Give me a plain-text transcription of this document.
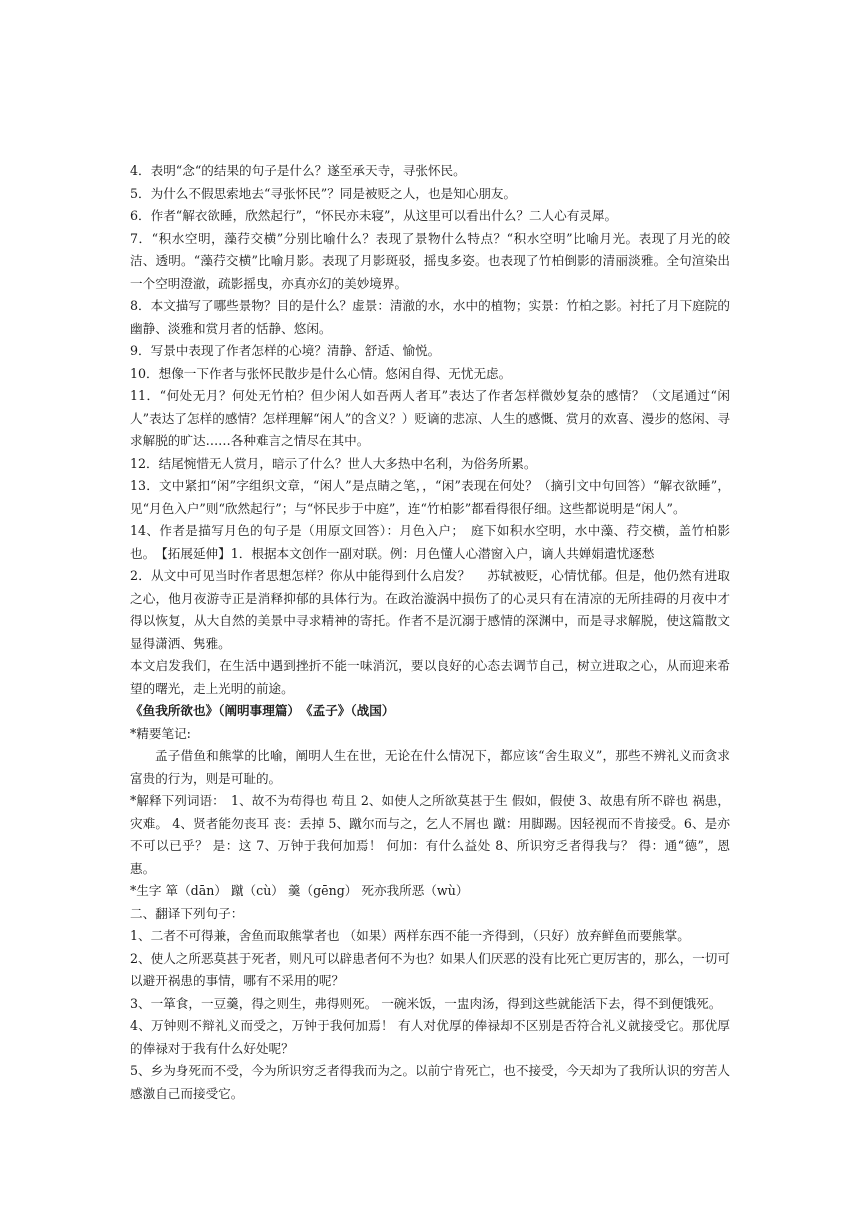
4．表明“念“的结果的句子是什么？遂至承天寺，寻张怀民。

5．为什么不假思索地去“寻张怀民”？同是被贬之人，也是知心朋友。

6．作者“解衣欲睡，欣然起行”，“怀民亦未寝”，从这里可以看出什么？二人心有灵犀。

7．“积水空明，藻荇交横”分别比喻什么？表现了景物什么特点？“积水空明”比喻月光。表现了月光的皎洁、透明。“藻荇交横”比喻月影。表现了月影斑驳，摇曳多姿。也表现了竹柏倒影的清丽淡雅。全句渲染出一个空明澄澈，疏影摇曳，亦真亦幻的美妙境界。

8．本文描写了哪些景物？目的是什么？虚景：清澈的水，水中的植物；实景：竹柏之影。衬托了月下庭院的幽静、淡雅和赏月者的恬静、悠闲。

9．写景中表现了作者怎样的心境？清静、舒适、愉悦。

10．想像一下作者与张怀民散步是什么心情。悠闲自得、无忧无虑。

11．“何处无月？何处无竹柏？但少闲人如吾两人者耳”表达了作者怎样微妙复杂的感情？（文尾通过“闲人”表达了怎样的感情？怎样理解“闲人”的含义？）贬谪的悲凉、人生的感慨、赏月的欢喜、漫步的悠闲、寻求解脱的旷达……各种难言之情尽在其中。

12．结尾惋惜无人赏月，暗示了什么？世人大多热中名利，为俗务所累。

13．文中紧扣“闲”字组织文章，“闲人”是点睛之笔，，“闲”表现在何处？（摘引文中句回答）“解衣欲睡”，见“月色入户”则“欣然起行”；与“怀民步于中庭”，连“竹柏影”都看得很仔细。这些都说明是“闲人”。

14、作者是描写月色的句子是（用原文回答）：月色入户；　庭下如积水空明，水中藻、荇交横，盖竹柏影也。　【拓展延伸】1．根据本文创作一副对联。例：月色懂人心潜窗入户，谪人共婵娟遣忧逐愁

2．从文中可见当时作者思想怎样？你从中能得到什么启发？　 苏轼被贬，心情忧郁。但是，他仍然有进取之心，他月夜游寺正是消释抑郁的具体行为。在政治漩涡中损伤了的心灵只有在清凉的无所挂碍的月夜中才得以恢复，从大自然的美景中寻求精神的寄托。作者不是沉溺于感情的深渊中，而是寻求解脱，使这篇散文显得潇洒、隽雅。

本文启发我们，在生活中遇到挫折不能一味消沉，要以良好的心态去调节自己，树立进取之心，从而迎来希望的曙光，走上光明的前途。

《鱼我所欲也》（阐明事理篇）　《孟子》（战国）

*精要笔记:

孟子借鱼和熊掌的比喻，阐明人生在世，无论在什么情况下，都应该“舍生取义”，那些不辨礼义而贪求富贵的行为，则是可耻的。

*解释下列词语：　1、故不为苟得也 苟且 2、如使人之所欲莫甚于生 假如，假使 3、故患有所不辟也 祸患，灾难。 4、贤者能勿丧耳 丧：丢掉 5、蹴尔而与之，乞人不屑也 蹴：用脚踢。因轻视而不肯接受。6、是亦不可以已乎？ 是：这 7、万钟于我何加焉！ 何加：有什么益处 8、所识穷乏者得我与？ 得：通“德”，恩惠。

*生字 箪（dān） 蹴（cù） 羹（gēng） 死亦我所恶（wù）

二、翻译下列句子：

1、二者不可得兼，舍鱼而取熊掌者也 （如果）两样东西不能一齐得到，（只好）放弃鲜鱼而要熊掌。

2、使人之所恶莫甚于死者，则凡可以辟患者何不为也？如果人们厌恶的没有比死亡更厉害的，那么，一切可以避开祸患的事情，哪有不采用的呢？

3、一箪食，一豆羹，得之则生，弗得则死。 一碗米饭，一盅肉汤，得到这些就能活下去，得不到便饿死。

4、万钟则不辩礼义而受之，万钟于我何加焉！ 有人对优厚的俸禄却不区别是否符合礼义就接受它。那优厚的俸禄对于我有什么好处呢？

5、乡为身死而不受，今为所识穷乏者得我而为之。以前宁肯死亡，也不接受，今天却为了我所认识的穷苦人感激自己而接受它。
